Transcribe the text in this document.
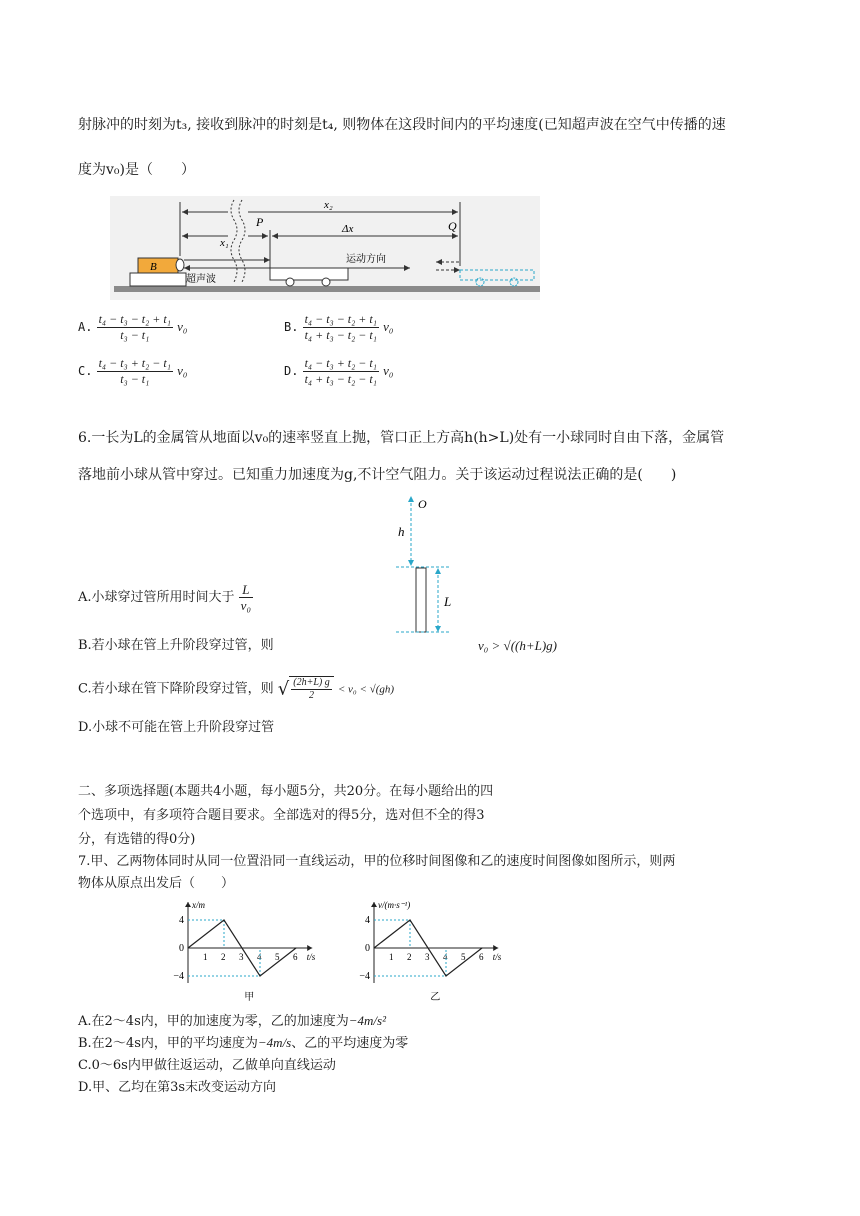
射脉冲的时刻为t₃, 接收到脉冲的时刻是t₄, 则物体在这段时间内的平均速度(已知超声波在空气中传播的速
度为v₀)是（　　）
B
超声波
x₂
x₁
P	Q
Δx
运动方向
A. $\frac{\text{t₄ − t₃ − t₂ + t₁}}{\text{t₃ − t₁}} v_0$	B. $\frac{\text{t₄ − t₃ − t₂ + t₁}}{\text{t₄ + t₃ − t₂ − t₁}} v_0$
C. $\frac{\text{t₄ − t₃ + t₂ − t₁}}{\text{t₃ − t₁}} v_0$	D. $\frac{\text{t₄ − t₃ + t₂ − t₁}}{\text{t₄ + t₃ − t₂ − t₁}} v_0$
6.一长为L的金属管从地面以v₀的速率竖直上抛，管口正上方高h(h>L)处有一小球同时自由下落，金属管
落地前小球从管中穿过。已知重力加速度为g,不计空气阻力。关于该运动过程说法正确的是(　　)
O
h
L
A.小球穿过管所用时间大于 $\frac{L}{\text{v₀}}$
B.若小球在管上升阶段穿过管，则	v₀ > √((h+L)g)
C.若小球在管下降阶段穿过管，则 √ $\frac{(2h+L) g}{2} < v_0 < √(gh)$
D.小球不可能在管上升阶段穿过管
二、多项选择题(本题共4小题，每小题5分，共20分。在每小题给出的四
个选项中，有多项符合题目要求。全部选对的得5分，选对但不全的得3
分，有选错的得0分)
7.甲、乙两物体同时从同一位置沿同一直线运动，甲的位移时间图像和乙的速度时间图像如图所示，则两
物体从原点出发后（　　）
x/m
t/s
4
0
−4
1 2 3 4 5 6
甲
v/(m·s⁻¹)
t/s
4
0
−4
1 2 3 4 5 6
乙
A.在2～4s内，甲的加速度为零，乙的加速度为−4m/s²
B.在2～4s内，甲的平均速度为−4m/s、乙的平均速度为零
C.0～6s内甲做往返运动，乙做单向直线运动
D.甲、乙均在第3s末改变运动方向
